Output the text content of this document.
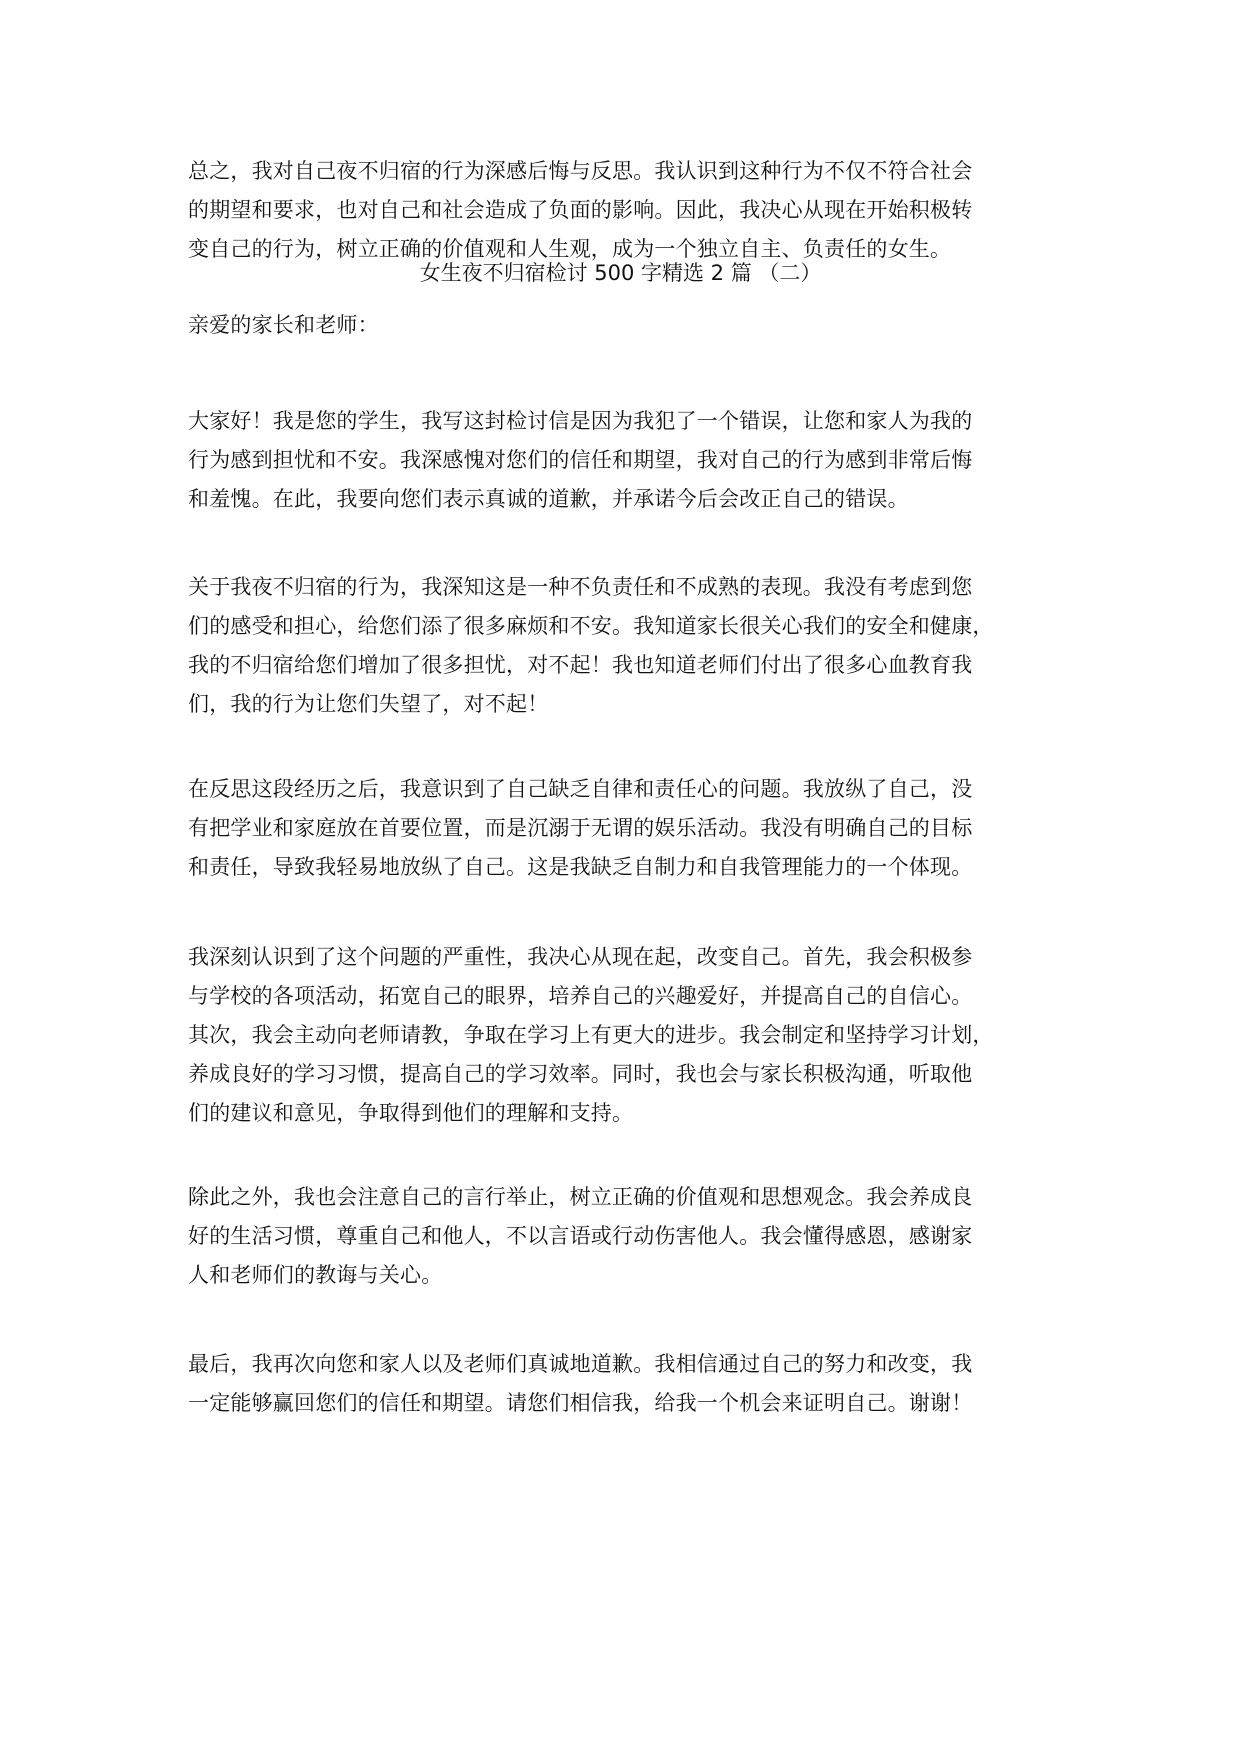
总之，我对自己夜不归宿的行为深感后悔与反思。我认识到这种行为不仅不符合社会
的期望和要求，也对自己和社会造成了负面的影响。因此，我决心从现在开始积极转
变自己的行为，树立正确的价值观和人生观，成为一个独立自主、负责任的女生。

女生夜不归宿检讨 500 字精选 2 篇 （二）

亲爱的家长和老师：

大家好！我是您的学生，我写这封检讨信是因为我犯了一个错误，让您和家人为我的
行为感到担忧和不安。我深感愧对您们的信任和期望，我对自己的行为感到非常后悔
和羞愧。在此，我要向您们表示真诚的道歉，并承诺今后会改正自己的错误。

关于我夜不归宿的行为，我深知这是一种不负责任和不成熟的表现。我没有考虑到您
们的感受和担心，给您们添了很多麻烦和不安。我知道家长很关心我们的安全和健康，
我的不归宿给您们增加了很多担忧，对不起！我也知道老师们付出了很多心血教育我
们，我的行为让您们失望了，对不起！

在反思这段经历之后，我意识到了自己缺乏自律和责任心的问题。我放纵了自己，没
有把学业和家庭放在首要位置，而是沉溺于无谓的娱乐活动。我没有明确自己的目标
和责任，导致我轻易地放纵了自己。这是我缺乏自制力和自我管理能力的一个体现。

我深刻认识到了这个问题的严重性，我决心从现在起，改变自己。首先，我会积极参
与学校的各项活动，拓宽自己的眼界，培养自己的兴趣爱好，并提高自己的自信心。
其次，我会主动向老师请教，争取在学习上有更大的进步。我会制定和坚持学习计划，
养成良好的学习习惯，提高自己的学习效率。同时，我也会与家长积极沟通，听取他
们的建议和意见，争取得到他们的理解和支持。

除此之外，我也会注意自己的言行举止，树立正确的价值观和思想观念。我会养成良
好的生活习惯，尊重自己和他人，不以言语或行动伤害他人。我会懂得感恩，感谢家
人和老师们的教诲与关心。

最后，我再次向您和家人以及老师们真诚地道歉。我相信通过自己的努力和改变，我
一定能够赢回您们的信任和期望。请您们相信我，给我一个机会来证明自己。谢谢！
